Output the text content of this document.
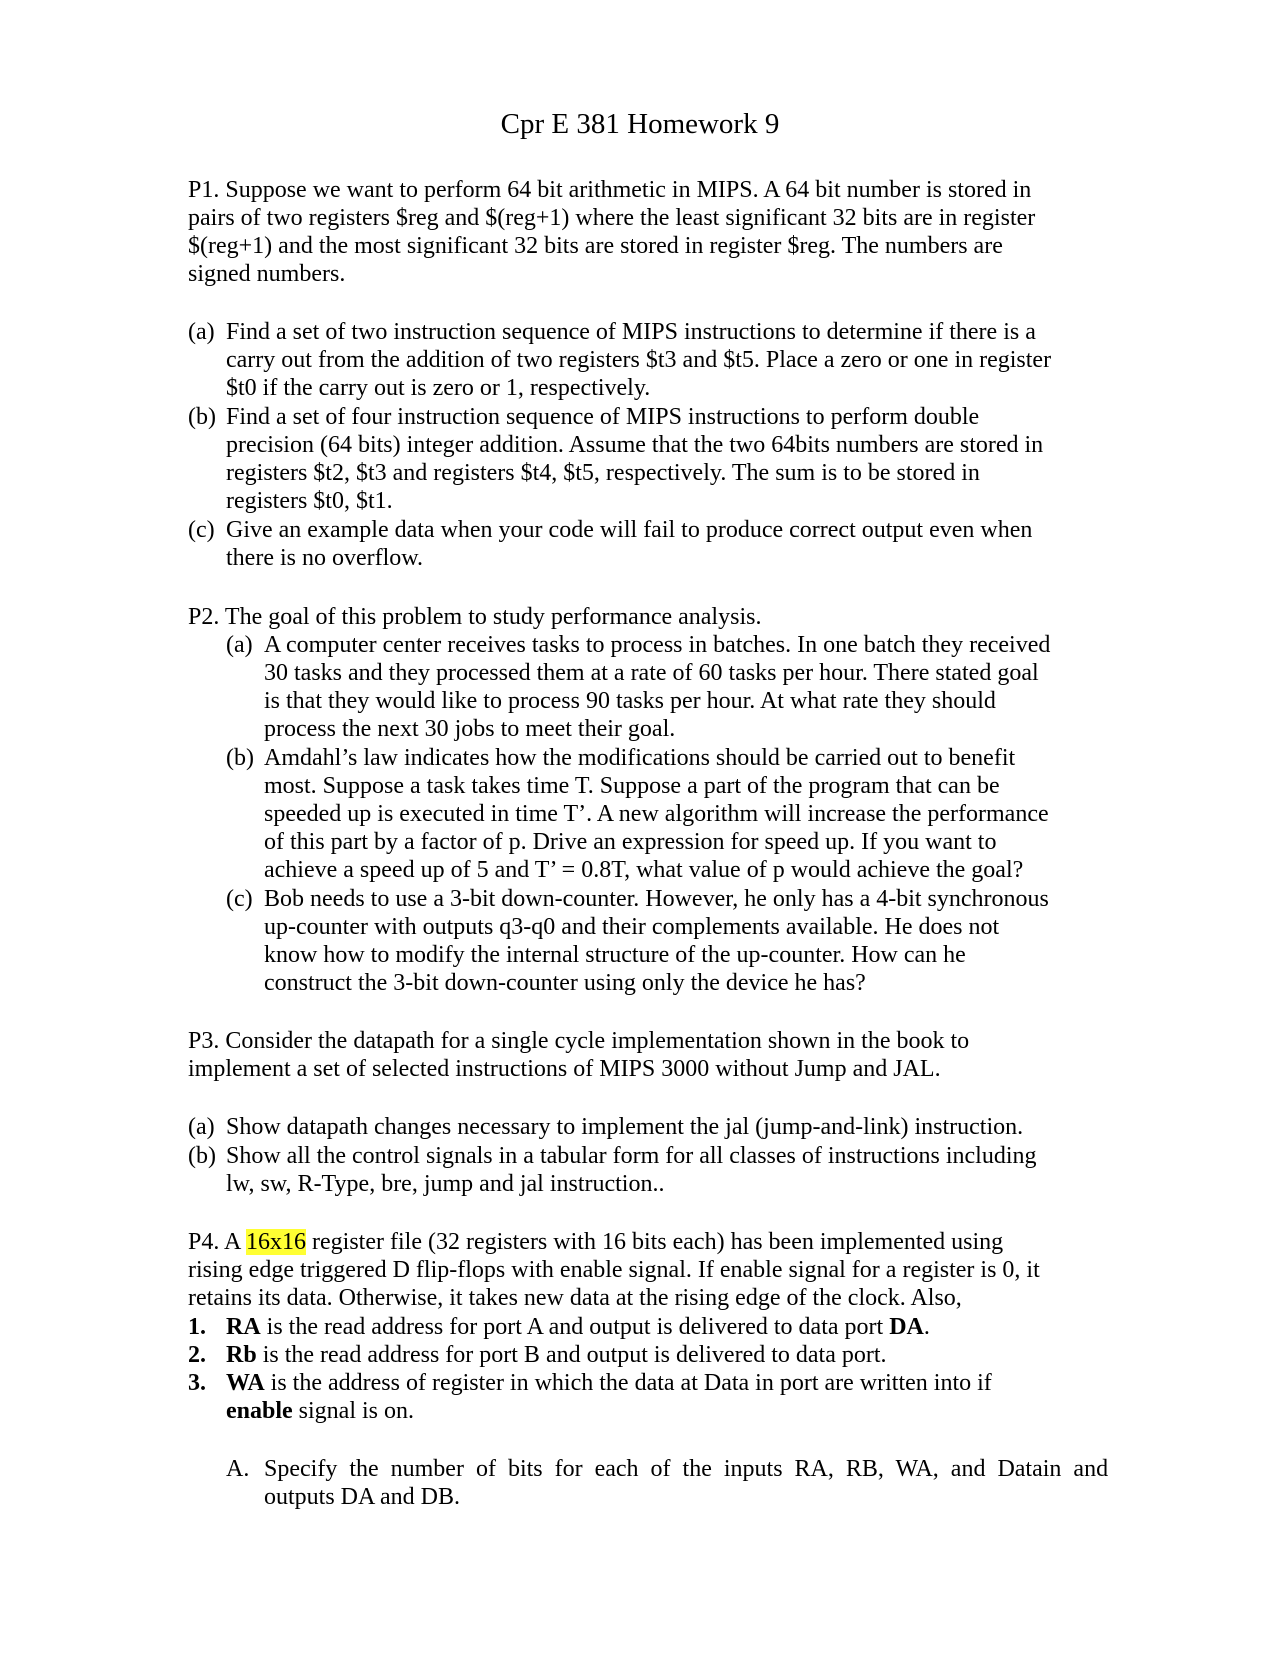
Cpr E 381 Homework 9
P1. Suppose we want to perform 64 bit arithmetic in MIPS. A 64 bit number is stored in
pairs of two registers $reg and $(reg+1) where the least significant 32 bits are in register
$(reg+1) and the most significant 32 bits are stored in register $reg. The numbers are
signed numbers.
(a) Find a set of two instruction sequence of MIPS instructions to determine if there is a
carry out from the addition of two registers $t3 and $t5. Place a zero or one in register
$t0 if the carry out is zero or 1, respectively.
(b) Find a set of four instruction sequence of MIPS instructions to perform double
precision (64 bits) integer addition. Assume that the two 64bits numbers are stored in
registers $t2, $t3 and registers $t4, $t5, respectively. The sum is to be stored in
registers $t0, $t1.
(c) Give an example data when your code will fail to produce correct output even when
there is no overflow.
P2. The goal of this problem to study performance analysis.
(a) A computer center receives tasks to process in batches. In one batch they received
30 tasks and they processed them at a rate of 60 tasks per hour. There stated goal
is that they would like to process 90 tasks per hour. At what rate they should
process the next 30 jobs to meet their goal.
(b) Amdahl’s law indicates how the modifications should be carried out to benefit
most. Suppose a task takes time T. Suppose a part of the program that can be
speeded up is executed in time T’. A new algorithm will increase the performance
of this part by a factor of p. Drive an expression for speed up. If you want to
achieve a speed up of 5 and T’ = 0.8T, what value of p would achieve the goal?
(c) Bob needs to use a 3-bit down-counter. However, he only has a 4-bit synchronous
up-counter with outputs q3-q0 and their complements available. He does not
know how to modify the internal structure of the up-counter. How can he
construct the 3-bit down-counter using only the device he has?
P3. Consider the datapath for a single cycle implementation shown in the book to
implement a set of selected instructions of MIPS 3000 without Jump and JAL.
(a) Show datapath changes necessary to implement the jal (jump-and-link) instruction.
(b) Show all the control signals in a tabular form for all classes of instructions including
lw, sw, R-Type, bre, jump and jal instruction..
P4. A 16x16 register file (32 registers with 16 bits each) has been implemented using
rising edge triggered D flip-flops with enable signal. If enable signal for a register is 0, it
retains its data. Otherwise, it takes new data at the rising edge of the clock. Also,
1. RA is the read address for port A and output is delivered to data port DA.
2. Rb is the read address for port B and output is delivered to data port.
3. WA is the address of register in which the data at Data in port are written into if
enable signal is on.
A. Specify  the  number  of  bits  for  each  of  the  inputs  RA,  RB,  WA,  and  Datain  and
outputs DA and DB.
